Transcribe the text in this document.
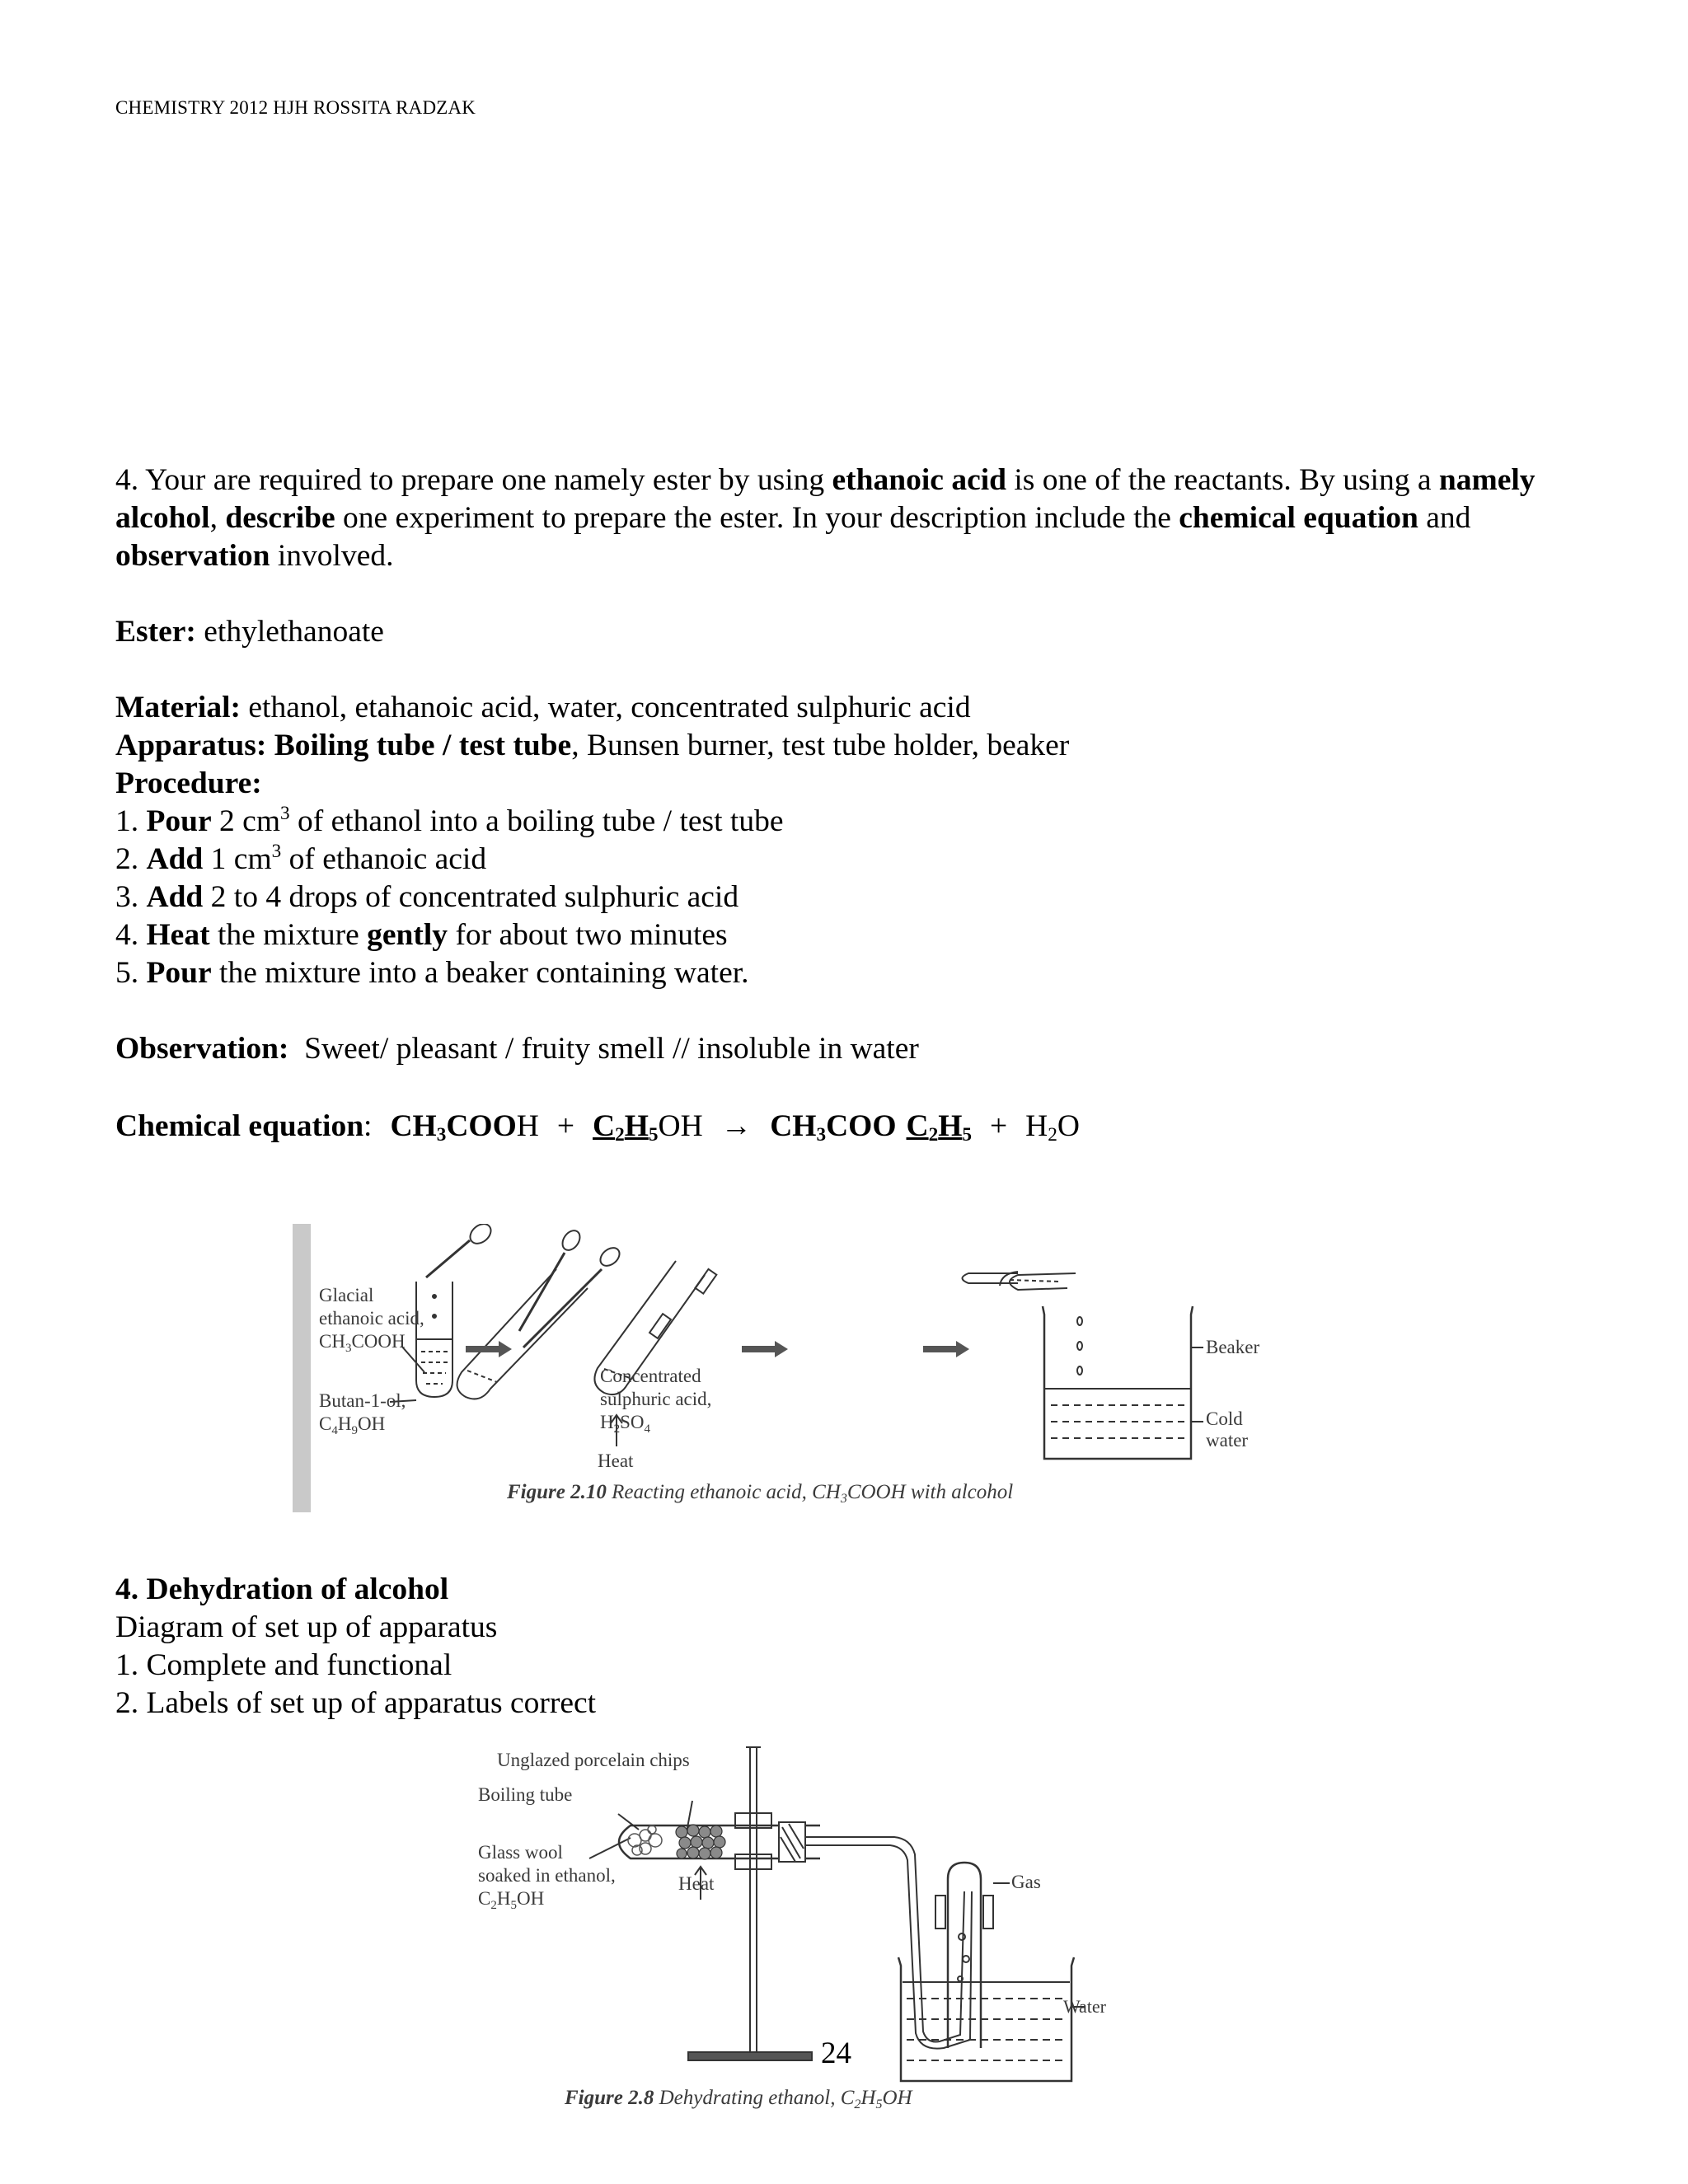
CHEMISTRY 2012 HJH ROSSITA RADZAK

4. Your are required to prepare one namely ester by using ethanoic acid is one of the reactants. By using a namely alcohol, describe one experiment to prepare the ester. In your description include the chemical equation and observation involved.

Ester: ethylethanoate

Material: ethanol, etahanoic acid, water, concentrated sulphuric acid

Apparatus: Boiling tube / test tube, Bunsen burner, test tube holder, beaker

Procedure:

1. Pour 2 $cm^3$ of ethanol into a boiling tube / test tube

2. Add 1 $cm^3$ of ethanoic acid

3. Add 2 to 4 drops of concentrated sulphuric acid

4. Heat the mixture gently for about two minutes

5. Pour the mixture into a beaker containing water.

Observation:  Sweet/ pleasant / fruity smell // insoluble in water

Chemical equation: $CH_3COOH + C_2H_5OH \to CH_3COO$ $C_2H_5 + H_2O$

Glacial
ethanoic acid,
$CH_3COOH$
Butan-1-ol,
$C_4H_9OH$
Concentrated
sulphuric acid,
$H_2SO_4$
Heat
Beaker
Cold
water
Figure 2.10 Reacting ethanoic acid, $CH_3COOH$ with alcohol

4. Dehydration of alcohol

Diagram of set up of apparatus

1. Complete and functional

2. Labels of set up of apparatus correct

Unglazed porcelain chips
Boiling tube
Glass wool
soaked in ethanol,
$C_2H_5OH$
Heat	Gas
Water
Figure 2.8 Dehydrating ethanol, $C_2H_5OH$
24
